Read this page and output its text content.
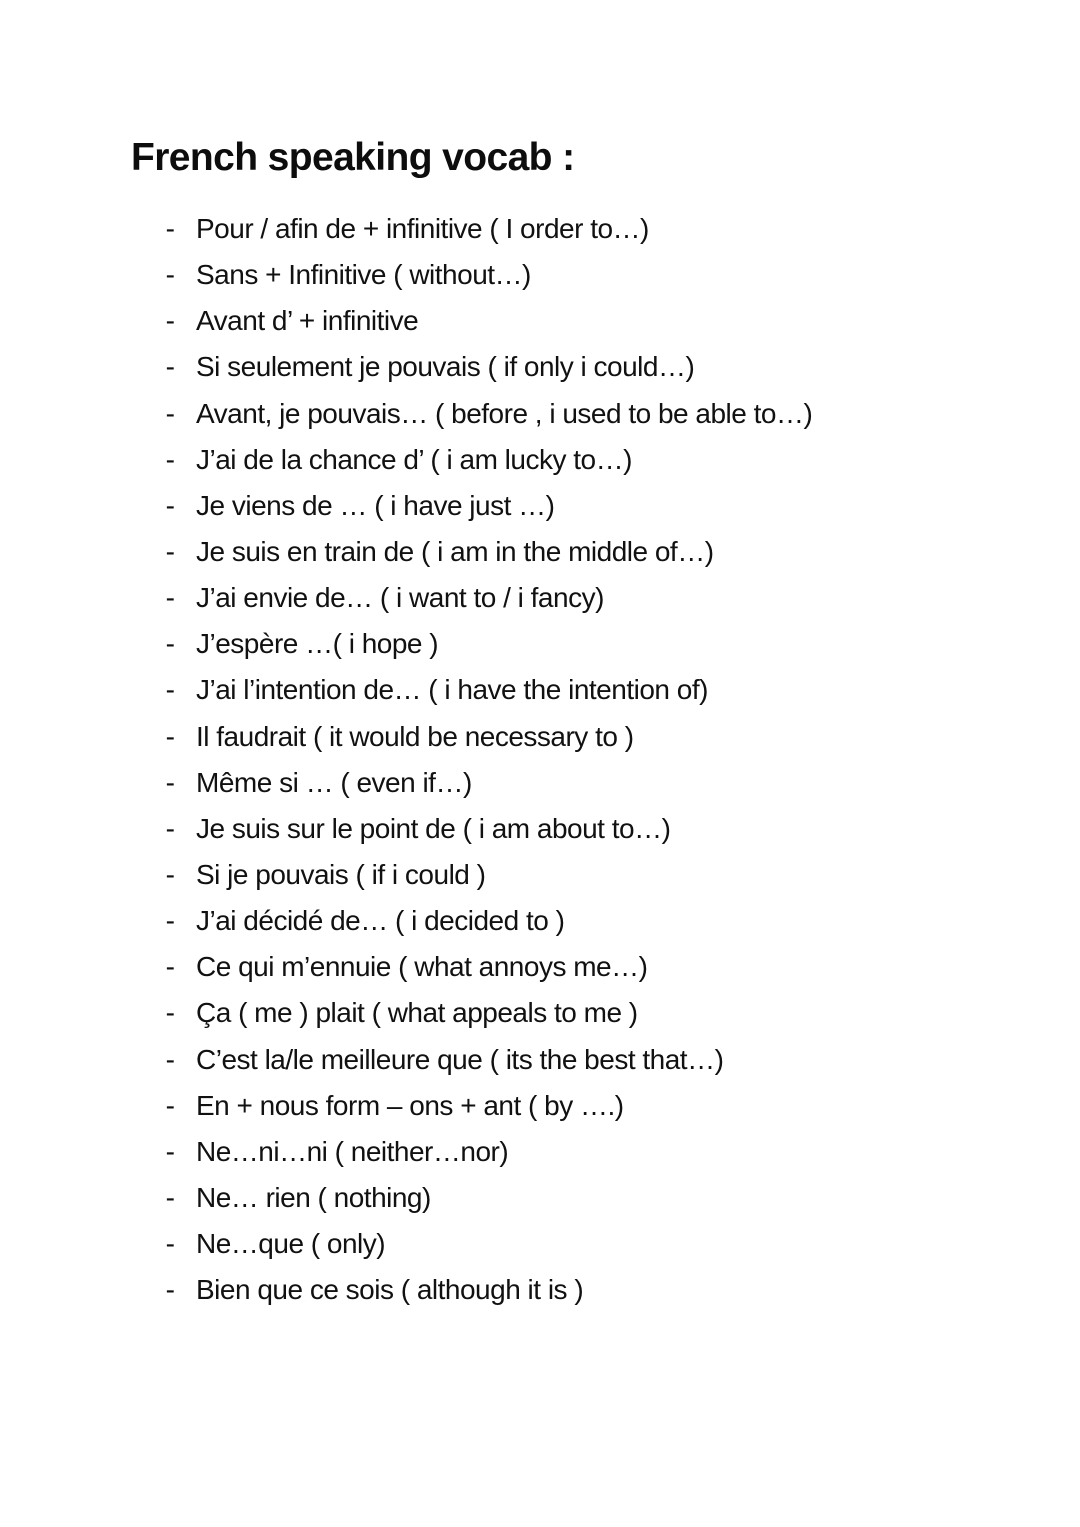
French speaking vocab :
- Pour / afin de + infinitive ( I order to…)
- Sans + Infinitive ( without…)
- Avant d’ + infinitive
- Si seulement je pouvais ( if only i could…)
- Avant, je pouvais… ( before , i used to be able to…)
- J’ai de la chance d’ ( i am lucky to…)
- Je viens de … ( i have just …)
- Je suis en train de ( i am in the middle of…)
- J’ai envie de… ( i want to / i fancy)
- J’espère …( i hope )
- J’ai l’intention de… ( i have the intention of)
- Il faudrait ( it would be necessary to )
- Même si … ( even if…)
- Je suis sur le point de ( i am about to…)
- Si je pouvais ( if i could )
- J’ai décidé de… ( i decided to )
- Ce qui m’ennuie ( what annoys me…)
- Ça ( me ) plait ( what appeals to me )
- C’est la/le meilleure que ( its the best that…)
- En + nous form – ons + ant ( by ….)
- Ne…ni…ni ( neither…nor)
- Ne… rien ( nothing)
- Ne…que ( only)
- Bien que ce sois ( although it is )
